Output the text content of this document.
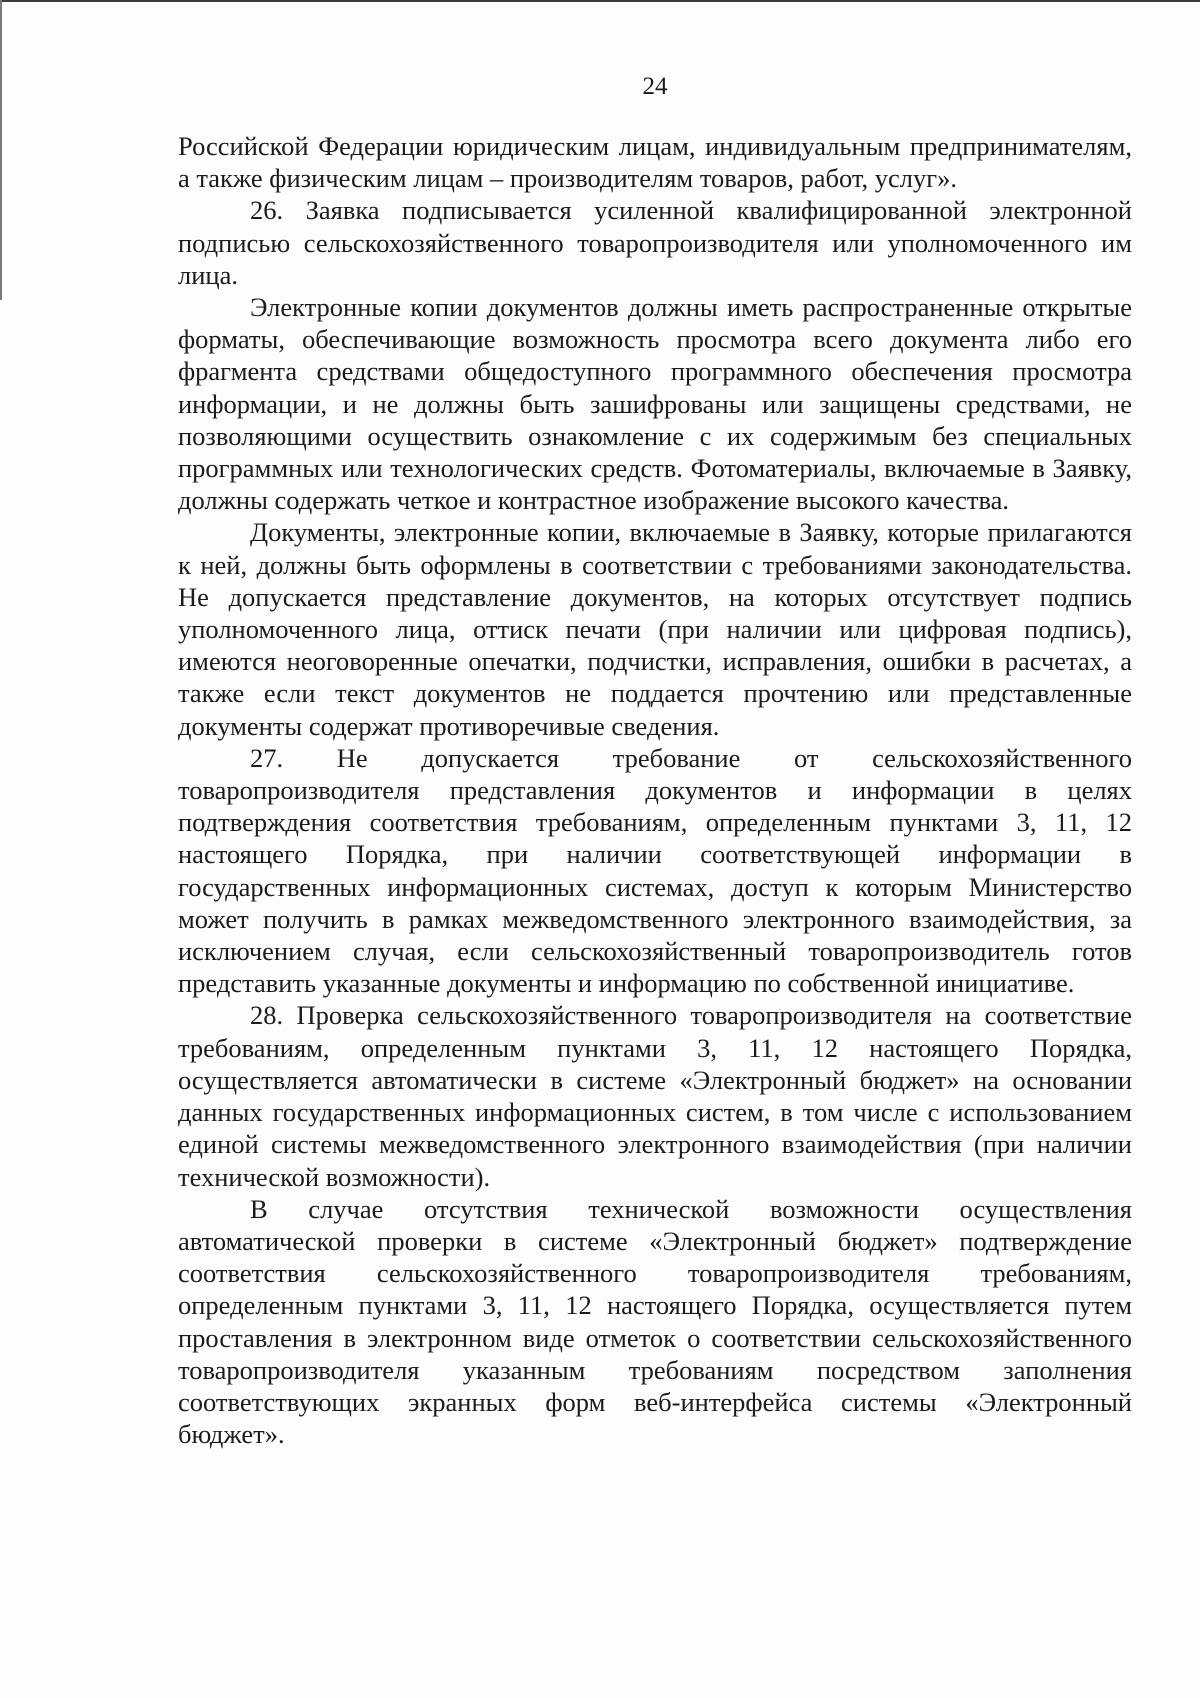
24

Российской Федерации юридическим лицам, индивидуальным предпринимателям, а также физическим лицам – производителям товаров, работ, услуг».

26. Заявка подписывается усиленной квалифицированной электронной подписью сельскохозяйственного товаропроизводителя или уполномоченного им лица.

Электронные копии документов должны иметь распространенные открытые форматы, обеспечивающие возможность просмотра всего документа либо его фрагмента средствами общедоступного программного обеспечения просмотра информации, и не должны быть зашифрованы или защищены средствами, не позволяющими осуществить ознакомление с их содержимым без специальных программных или технологических средств. Фотоматериалы, включаемые в Заявку, должны содержать четкое и контрастное изображение высокого качества.

Документы, электронные копии, включаемые в Заявку, которые прилагаются к ней, должны быть оформлены в соответствии с требованиями законодательства. Не допускается представление документов, на которых отсутствует подпись уполномоченного лица, оттиск печати (при наличии или цифровая подпись), имеются неоговоренные опечатки, подчистки, исправления, ошибки в расчетах, а также если текст документов не поддается прочтению или представленные документы содержат противоречивые сведения.

27. Не допускается требование от сельскохозяйственного товаропроизводителя представления документов и информации в целях подтверждения соответствия требованиям, определенным пунктами 3, 11, 12 настоящего Порядка, при наличии соответствующей информации в государственных информационных системах, доступ к которым Министерство может получить в рамках межведомственного электронного взаимодействия, за исключением случая, если сельскохозяйственный товаропроизводитель готов представить указанные документы и информацию по собственной инициативе.

28. Проверка сельскохозяйственного товаропроизводителя на соответствие требованиям, определенным пунктами 3, 11, 12 настоящего Порядка, осуществляется автоматически в системе «Электронный бюджет» на основании данных государственных информационных систем, в том числе с использованием единой системы межведомственного электронного взаимодействия (при наличии технической возможности).

В случае отсутствия технической возможности осуществления автоматической проверки в системе «Электронный бюджет» подтверждение соответствия сельскохозяйственного товаропроизводителя требованиям, определенным пунктами 3, 11, 12 настоящего Порядка, осуществляется путем проставления в электронном виде отметок о соответствии сельскохозяйственного товаропроизводителя указанным требованиям посредством заполнения соответствующих экранных форм веб-интерфейса системы «Электронный бюджет».
